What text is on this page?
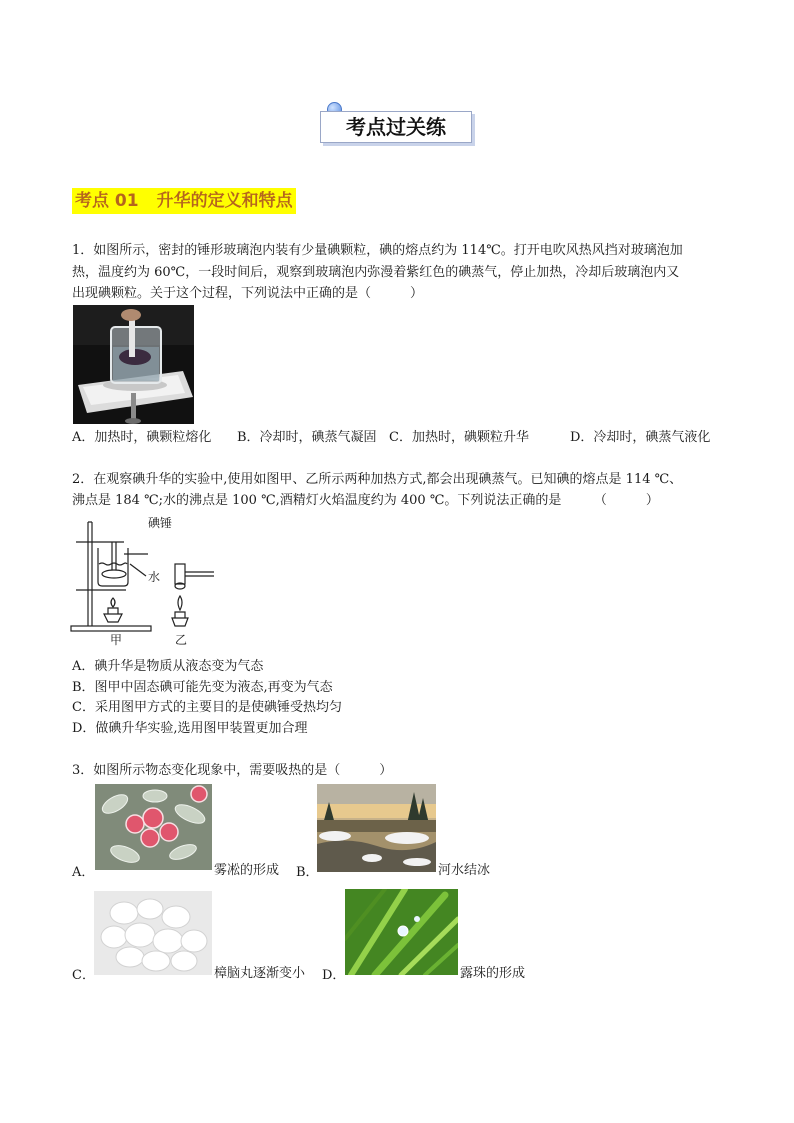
考点过关练
考点 01 升华的定义和特点
1．如图所示，密封的锤形玻璃泡内装有少量碘颗粒，碘的熔点约为 114℃。打开电吹风热风挡对玻璃泡加
热，温度约为 60℃，一段时间后，观察到玻璃泡内弥漫着紫红色的碘蒸气，停止加热，冷却后玻璃泡内又
出现碘颗粒。关于这个过程，下列说法中正确的是（　　　）
A．加热时，碘颗粒熔化 B．冷却时，碘蒸气凝固 C．加热时，碘颗粒升华	D．冷却时，碘蒸气液化
2．在观察碘升华的实验中,使用如图甲、乙所示两种加热方式,都会出现碘蒸气。已知碘的熔点是 114 ℃、
沸点是 184 ℃;水的沸点是 100 ℃,酒精灯火焰温度约为 400 ℃。下列说法正确的是　　　（　　　）
碘锤
水
甲	乙
A．碘升华是物质从液态变为气态
B．图甲中固态碘可能先变为液态,再变为气态
C．采用图甲方式的主要目的是使碘锤受热均匀
D．做碘升华实验,选用图甲装置更加合理
3．如图所示物态变化现象中，需要吸热的是（　　　）
A．	雾凇的形成 B．	河水结冰
C．	樟脑丸逐渐变小 D．	露珠的形成
